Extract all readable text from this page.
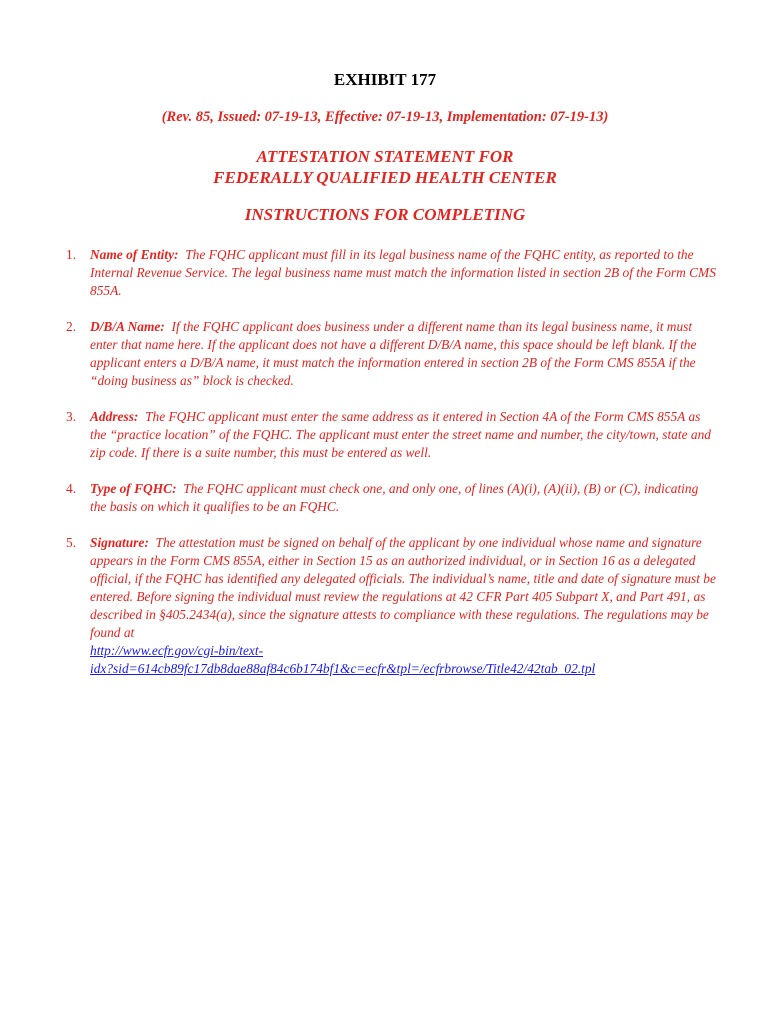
EXHIBIT 177

(Rev. 85, Issued: 07-19-13, Effective: 07-19-13, Implementation: 07-19-13)

ATTESTATION STATEMENT FOR
FEDERALLY QUALIFIED HEALTH CENTER
INSTRUCTIONS FOR COMPLETING
1. Name of Entity: The FQHC applicant must fill in its legal business name of the FQHC entity, as reported to the Internal Revenue Service. The legal business name must match the information listed in section 2B of the Form CMS 855A.
2. D/B/A Name: If the FQHC applicant does business under a different name than its legal business name, it must enter that name here. If the applicant does not have a different D/B/A name, this space should be left blank. If the applicant enters a D/B/A name, it must match the information entered in section 2B of the Form CMS 855A if the “doing business as” block is checked.
3. Address: The FQHC applicant must enter the same address as it entered in Section 4A of the Form CMS 855A as the “practice location” of the FQHC. The applicant must enter the street name and number, the city/town, state and zip code. If there is a suite number, this must be entered as well.
4. Type of FQHC: The FQHC applicant must check one, and only one, of lines (A)(i), (A)(ii), (B) or (C), indicating the basis on which it qualifies to be an FQHC.
5. Signature: The attestation must be signed on behalf of the applicant by one individual whose name and signature appears in the Form CMS 855A, either in Section 15 as an authorized individual, or in Section 16 as a delegated official, if the FQHC has identified any delegated officials. The individual’s name, title and date of signature must be entered. Before signing the individual must review the regulations at 42 CFR Part 405 Subpart X, and Part 491, as described in §405.2434(a), since the signature attests to compliance with these regulations. The regulations may be found at
http://www.ecfr.gov/cgi-bin/text-
idx?sid=614cb89fc17db8dae88af84c6b174bf1&c=ecfr&tpl=/ecfrbrowse/Title42/42tab_02.tpl
